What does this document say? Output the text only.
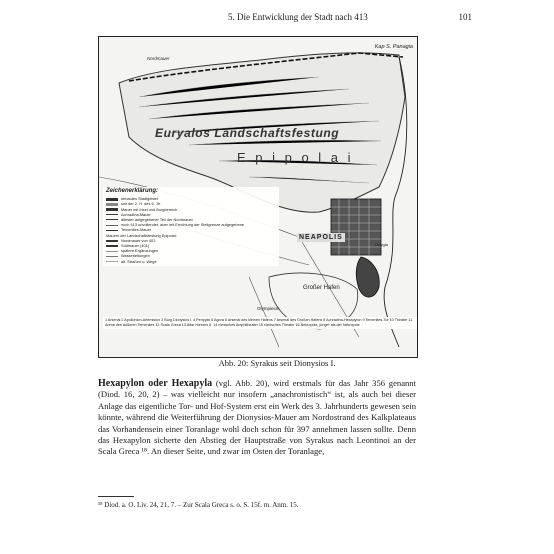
5. Die Entwicklung der Stadt nach 413	101
Kap S. Panagia
Nordmauer
Euryalos Landschaftsfestung
E p i p o l a i
NEAPOLIS
Großer Hafen
Olympieion
Ortygia
Zeichenerklärung:
bebautes Stadtgebiet
seit der 2. H. des 6. Jh.
Mauer mit Insel und Burgbereich
Achradina-Mauer
ältester aufgegebener Teil der Nordmauer
noch 413 unvollendet, aber mit Errichtung der Steilgrenze aufgegebene
Temenites-Mauer
Mauern der Landschaftsfestung Epipolai:
Nordmauer von 402
Südmauer (401)
spätere Ergänzungen
Wasserleitungen
alt. Straßen u. Wege
1 Arsenal 2 Apollonion-Artemision 3 Burg Dionysios I. 4 Peripylis 5 Agora 6 Arsenal des kleinen Hafens 7 Arsenal des Großen Hafens 8 Achradina-Hexapylon 9 Temenites-Tor 10 Theater 11 Arena des äußeren Temenites 12 Scala Greca 13 Altar Hierons II. 14 römisches Amphitheater 15 römisches Theater 16 Nekropole, jünger als der Nekropole
Abb. 20: Syrakus seit Dionysios I.
Hexapylon oder Hexapyla (vgl. Abb. 20), wird erstmals für das Jahr 356 genannt (Diod. 16, 20, 2) – was vielleicht nur insofern „anachronistisch“ ist, als auch bei dieser Anlage das eigentliche Tor- und Hof-System erst ein Werk des 3. Jahrhunderts gewesen sein könnte, während die Weiterführung der Dionysios-Mauer am Nordostrand des Kalkplateaus das Vorhandensein einer Toranlage wohl doch schon für 397 annehmen lassen sollte. Denn das Hexapylon sicherte den Abstieg der Hauptstraße von Syrakus nach Leontinoi an der Scala Greca ¹⁸. An dieser Seite, und zwar im Osten der Toranlage,
¹⁸ Diod. a. O. Liv. 24, 21, 7. – Zur Scala Greca s. o. S. 15f. m. Anm. 15.
